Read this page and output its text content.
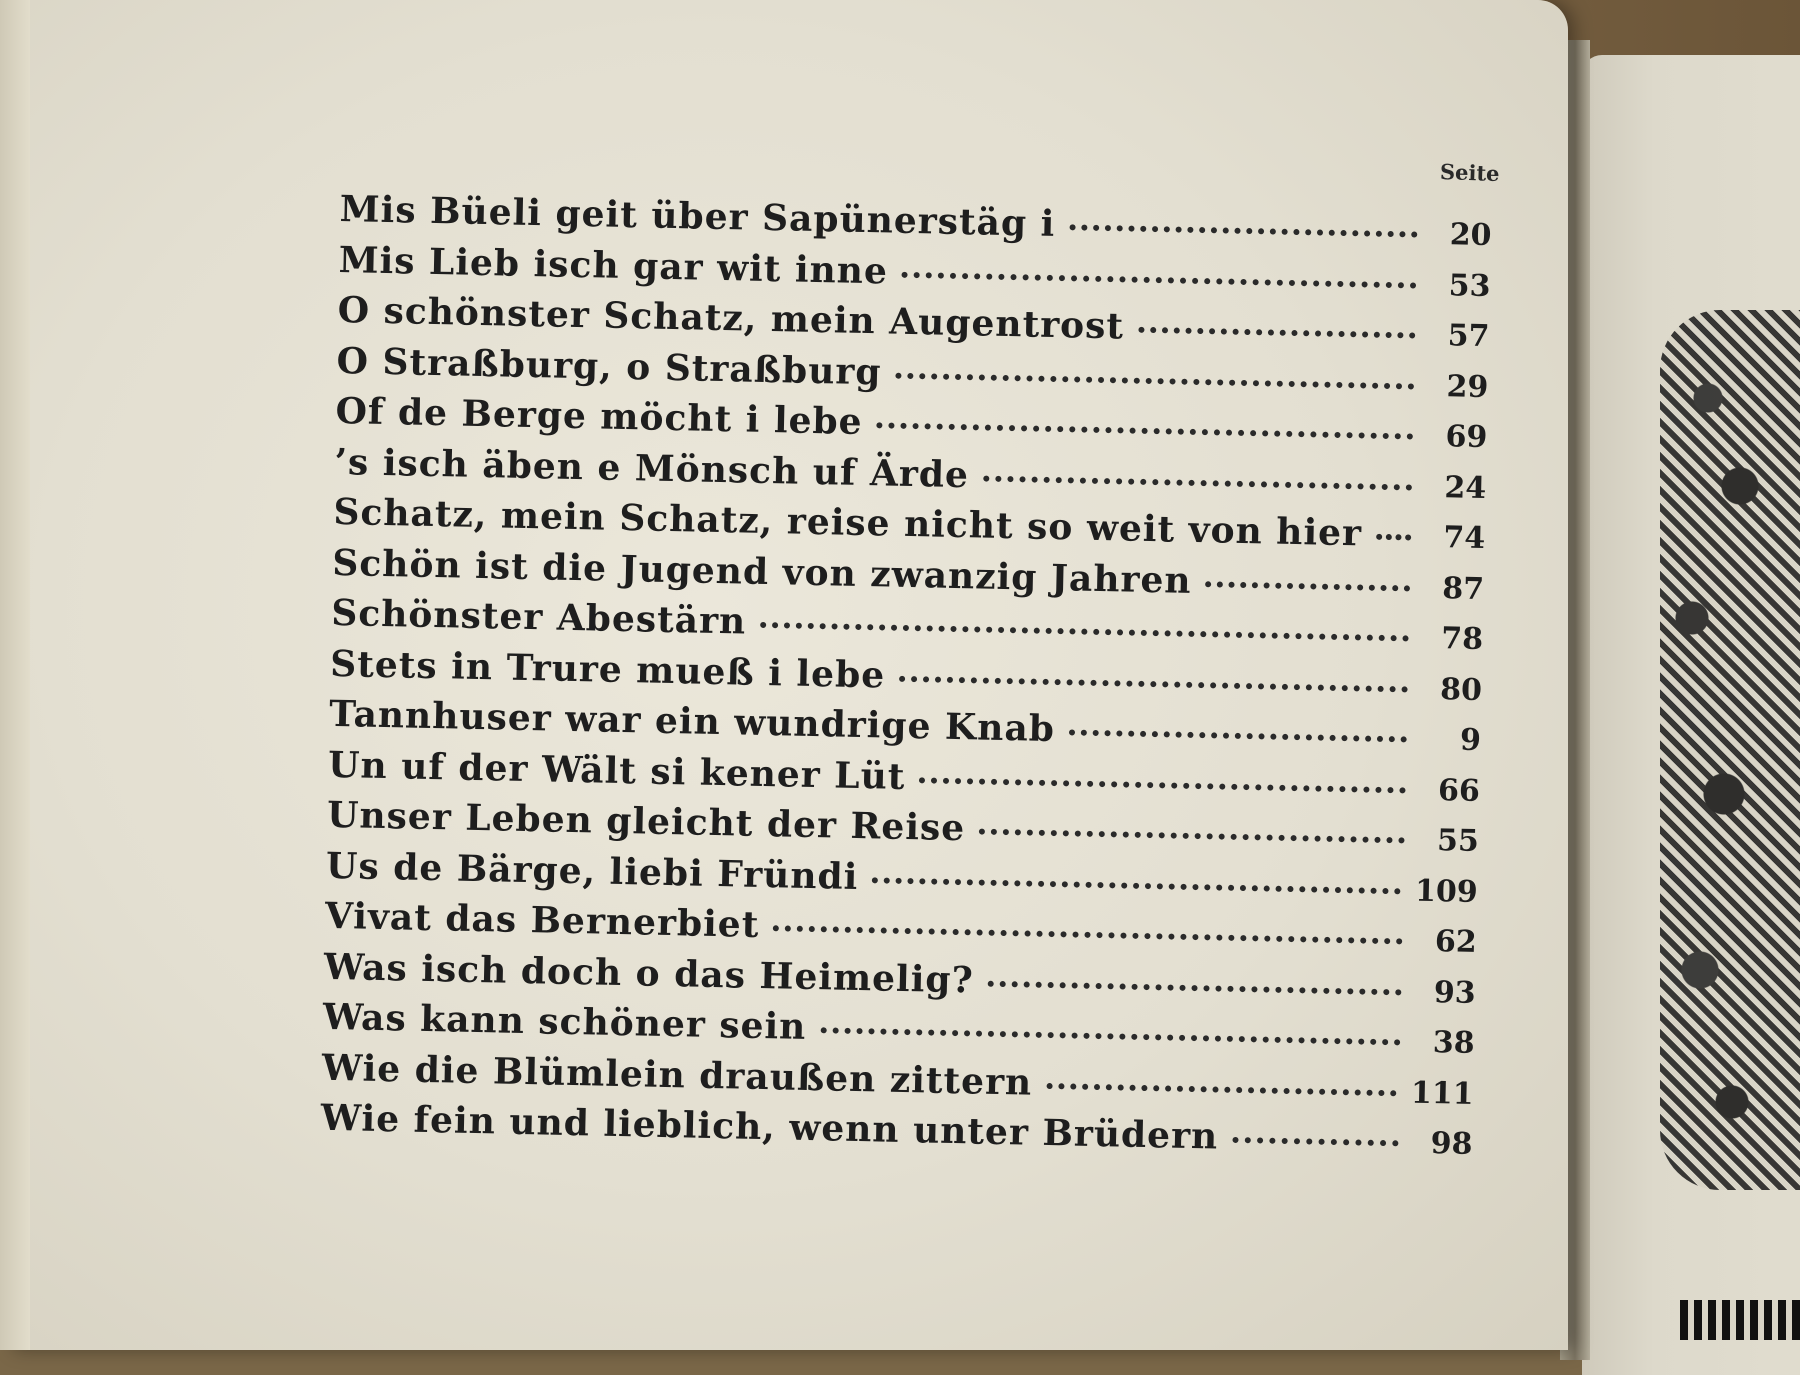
Seite
Mis Büeli geit über Sapünerstäg i	20
Mis Lieb isch gar wit inne	53
O schönster Schatz, mein Augentrost	57
O Straßburg, o Straßburg	29
Of de Berge möcht i lebe	69
’s isch äben e Mönsch uf Ärde	24
Schatz, mein Schatz, reise nicht so weit von hier	74
Schön ist die Jugend von zwanzig Jahren	87
Schönster Abestärn	78
Stets in Trure mueß i lebe	80
Tannhuser war ein wundrige Knab	9
Un uf der Wält si kener Lüt	66
Unser Leben gleicht der Reise	55
Us de Bärge, liebi Fründi	109
Vivat das Bernerbiet	62
Was isch doch o das Heimelig?	93
Was kann schöner sein	38
Wie die Blümlein draußen zittern	111
Wie fein und lieblich, wenn unter Brüdern	98
